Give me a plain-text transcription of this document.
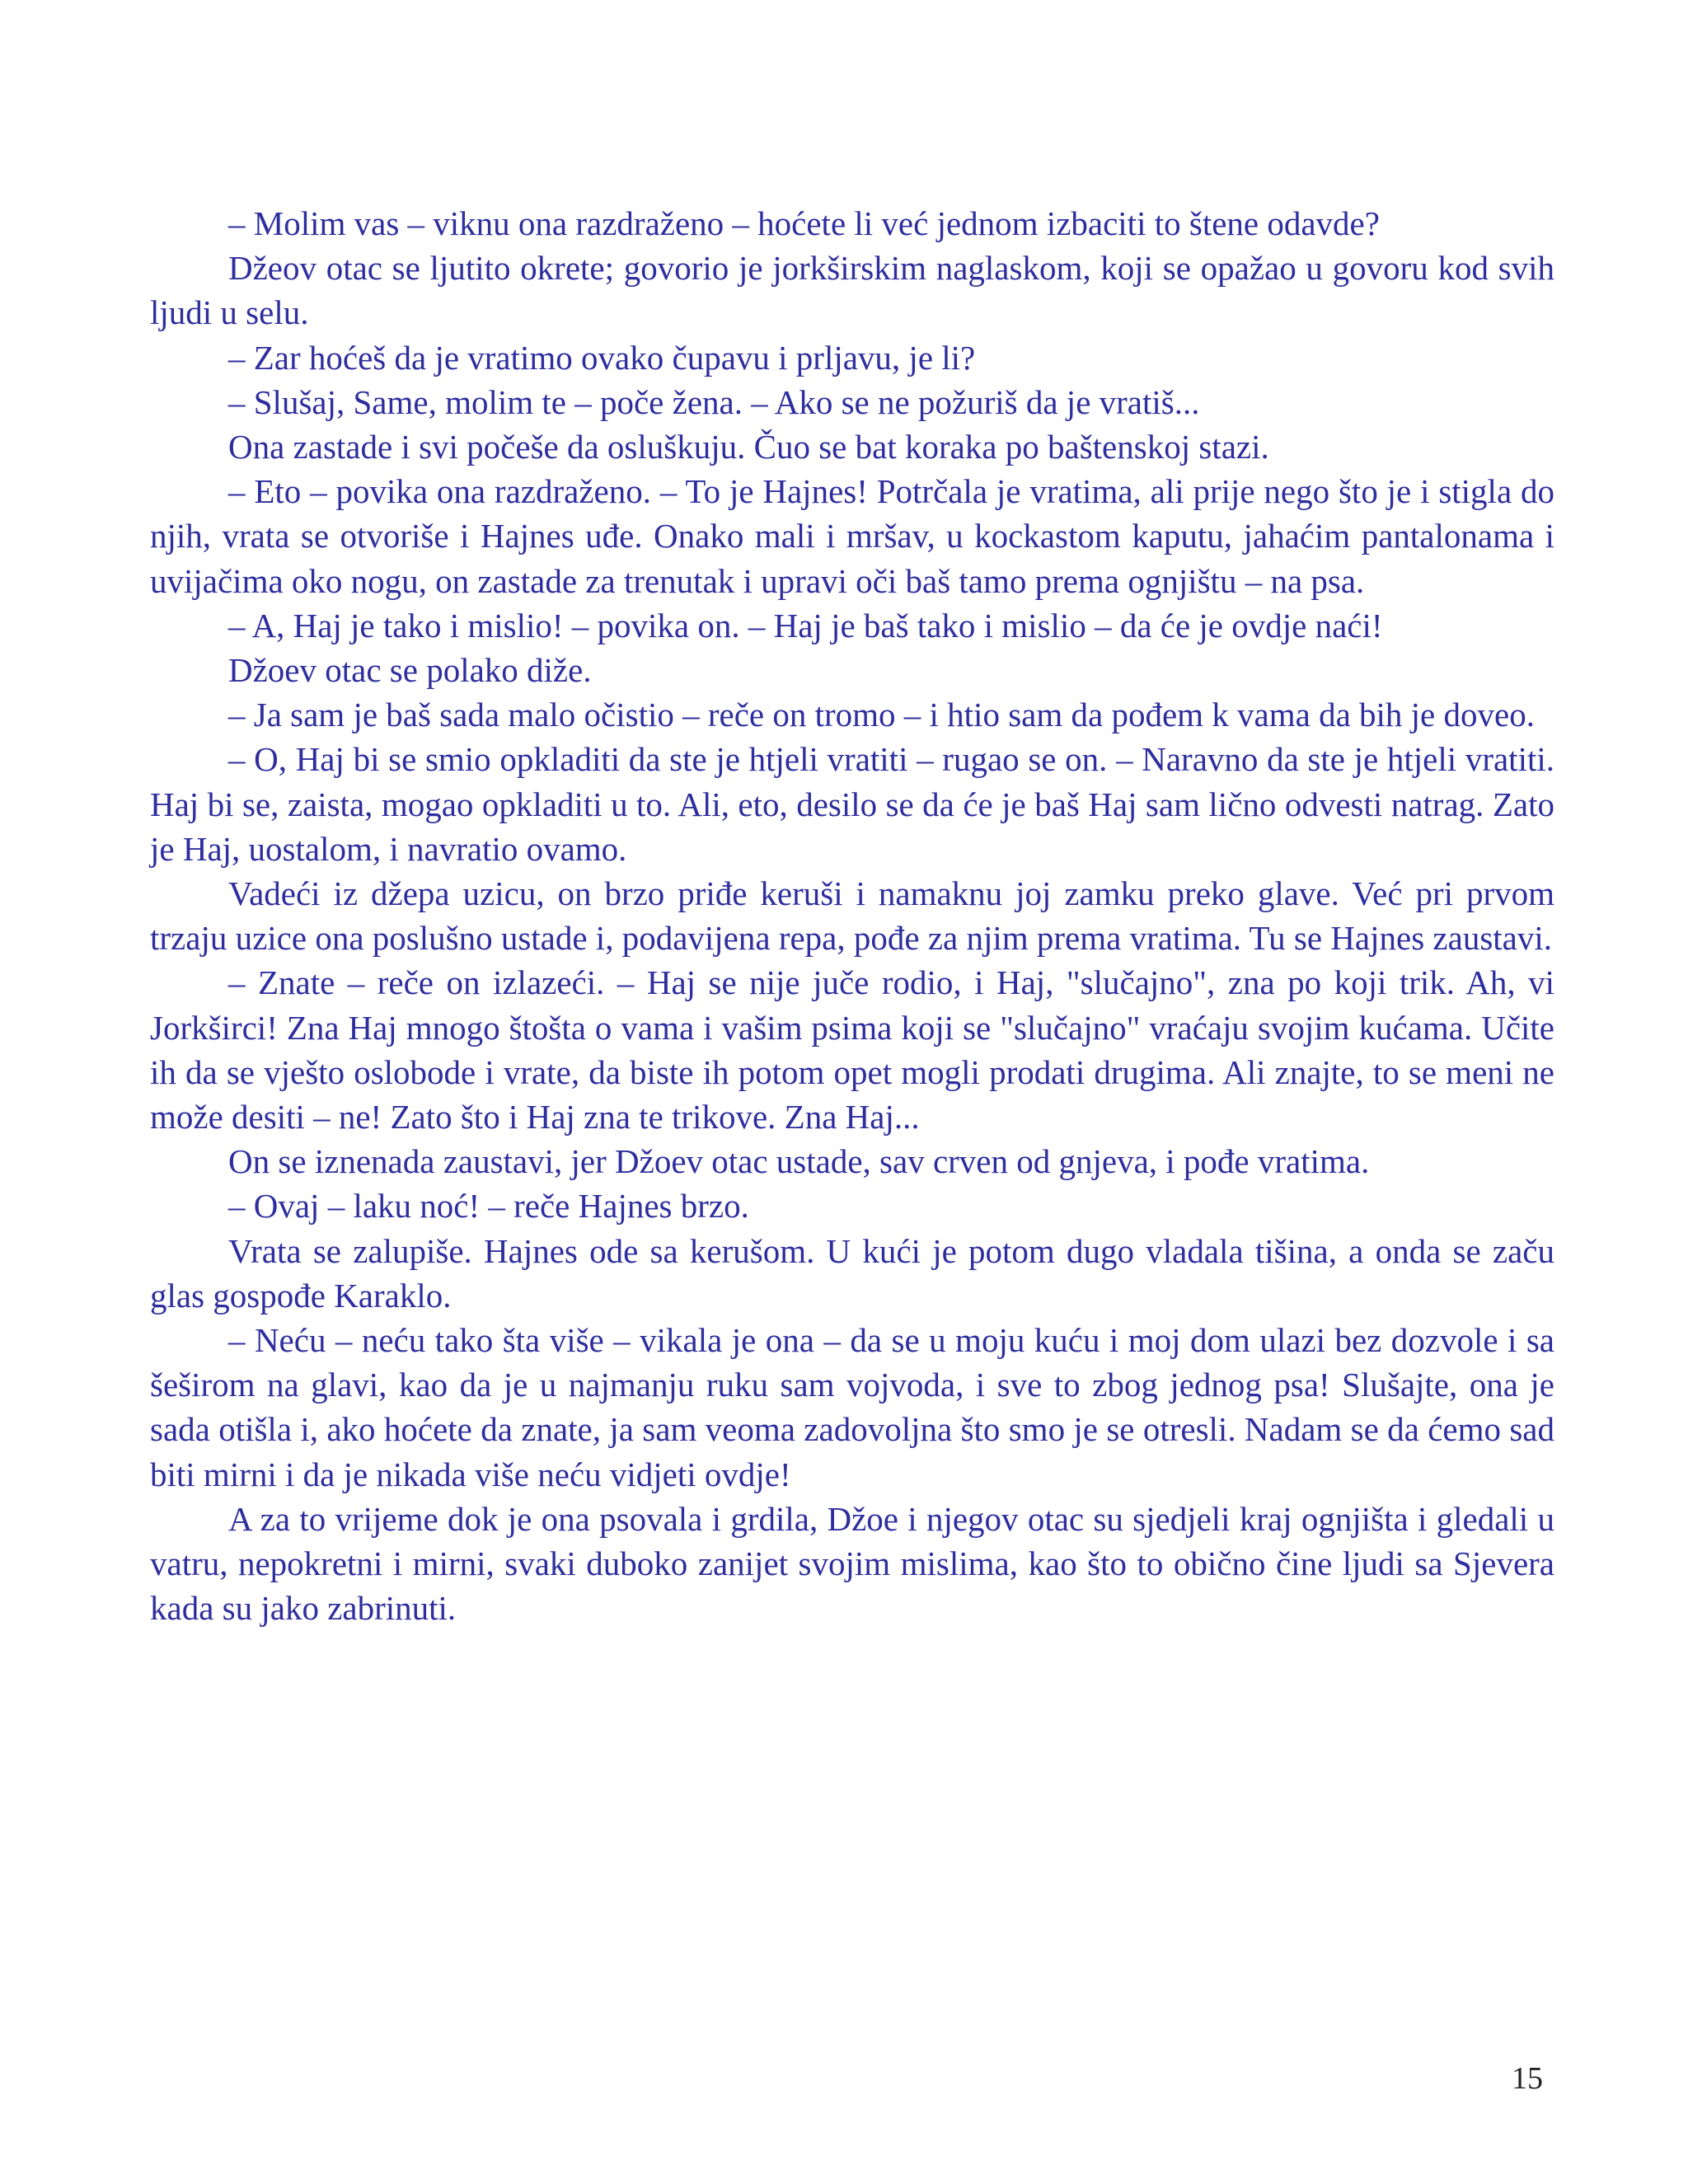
– Molim vas – viknu ona razdraženo – hoćete li već jednom izbaciti to štene odavde?

Džeov otac se ljutito okrete; govorio je jorkširskim naglaskom, koji se opažao u govoru kod svih ljudi u selu.

– Zar hoćeš da je vratimo ovako čupavu i prljavu, je li?

– Slušaj, Same, molim te – poče žena. – Ako se ne požuriš da je vratiš...

Ona zastade i svi počeše da osluškuju. Čuo se bat koraka po baštenskoj stazi.

– Eto – povika ona razdraženo. – To je Hajnes! Potrčala je vratima, ali prije nego što je i stigla do njih, vrata se otvoriše i Hajnes uđe. Onako mali i mršav, u kockastom kaputu, jahaćim pantalonama i uvijačima oko nogu, on zastade za trenutak i upravi oči baš tamo prema ognjištu – na psa.

– A, Haj je tako i mislio! – povika on. – Haj je baš tako i mislio – da će je ovdje naći!

Džoev otac se polako diže.

– Ja sam je baš sada malo očistio – reče on tromo – i htio sam da pođem k vama da bih je doveo.

– O, Haj bi se smio opkladiti da ste je htjeli vratiti – rugao se on. – Naravno da ste je htjeli vratiti. Haj bi se, zaista, mogao opkladiti u to. Ali, eto, desilo se da će je baš Haj sam lično odvesti natrag. Zato je Haj, uostalom, i navratio ovamo.

Vadeći iz džepa uzicu, on brzo priđe keruši i namaknu joj zamku preko glave. Već pri prvom trzaju uzice ona poslušno ustade i, podavijena repa, pođe za njim prema vratima. Tu se Hajnes zaustavi.

– Znate – reče on izlazeći. – Haj se nije juče rodio, i Haj, "slučajno", zna po koji trik. Ah, vi Jorkširci! Zna Haj mnogo štošta o vama i vašim psima koji se "slučajno" vraćaju svojim kućama. Učite ih da se vješto oslobode i vrate, da biste ih potom opet mogli prodati drugima. Ali znajte, to se meni ne može desiti – ne! Zato što i Haj zna te trikove. Zna Haj...

On se iznenada zaustavi, jer Džoev otac ustade, sav crven od gnjeva, i pođe vratima.

– Ovaj – laku noć! – reče Hajnes brzo.

Vrata se zalupiše. Hajnes ode sa kerušom. U kući je potom dugo vladala tišina, a onda se začu glas gospođe Karaklo.

– Neću – neću tako šta više – vikala je ona – da se u moju kuću i moj dom ulazi bez dozvole i sa šeširom na glavi, kao da je u najmanju ruku sam vojvoda, i sve to zbog jednog psa! Slušajte, ona je sada otišla i, ako hoćete da znate, ja sam veoma zadovoljna što smo je se otresli. Nadam se da ćemo sad biti mirni i da je nikada više neću vidjeti ovdje!

A za to vrijeme dok je ona psovala i grdila, Džoe i njegov otac su sjedjeli kraj ognjišta i gledali u vatru, nepokretni i mirni, svaki duboko zanijet svojim mislima, kao što to obično čine ljudi sa Sjevera kada su jako zabrinuti.

15
